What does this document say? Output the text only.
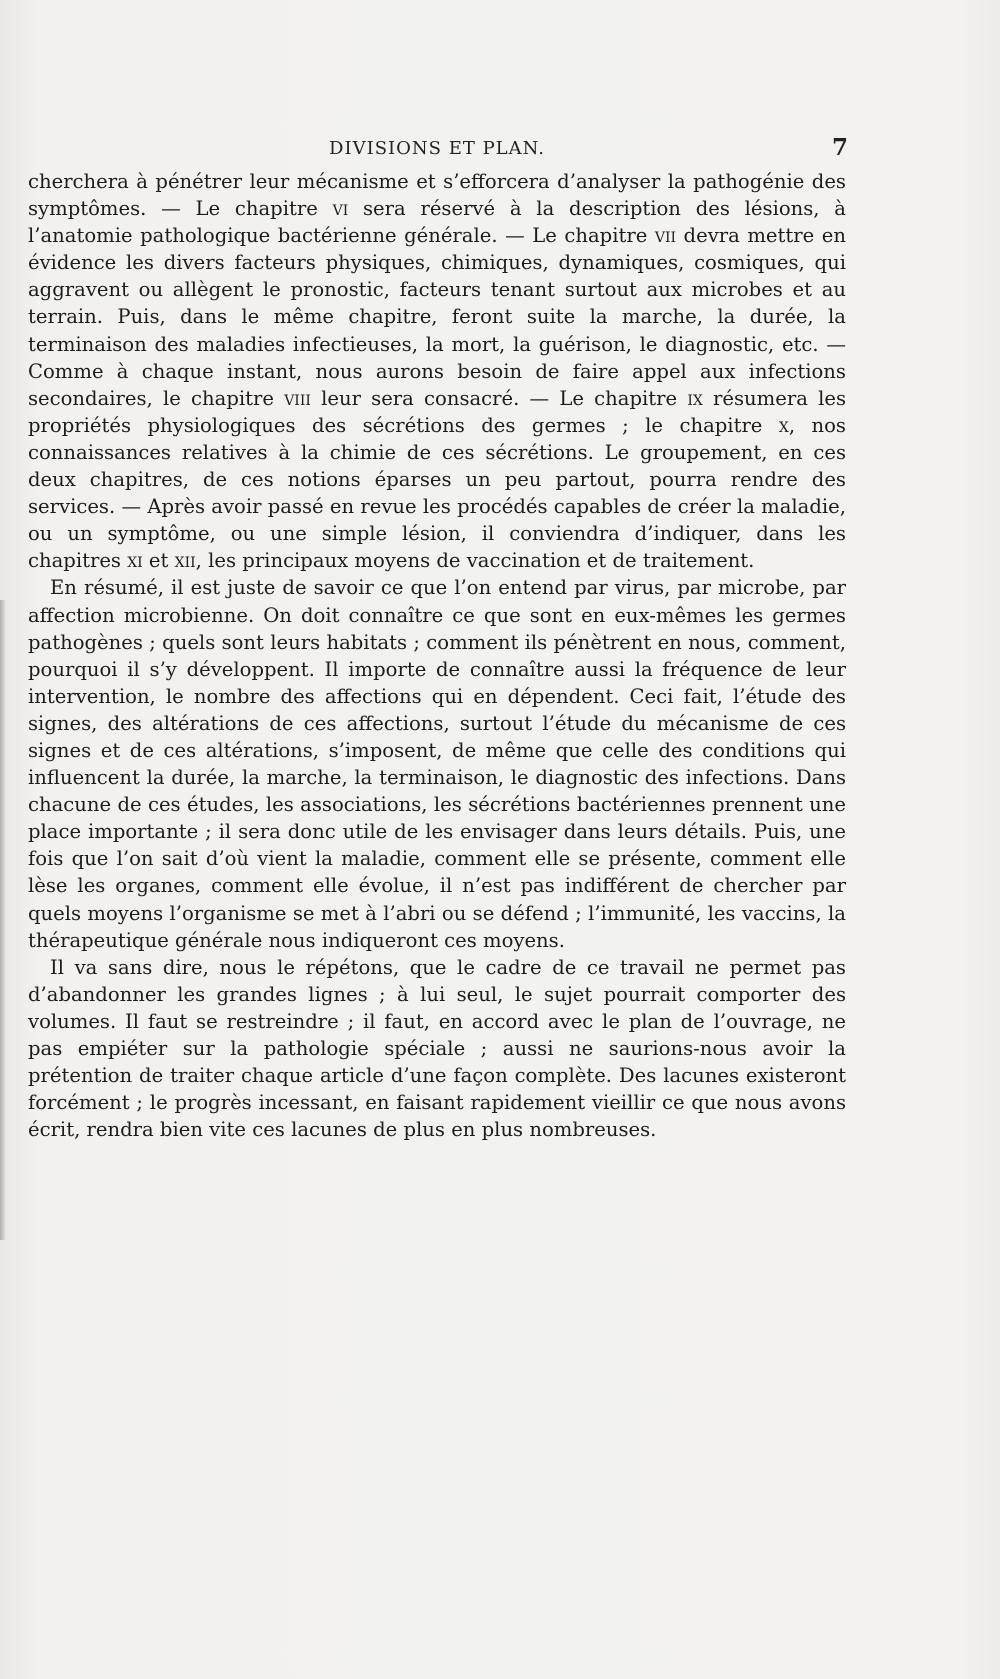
DIVISIONS ET PLAN.	7

cherchera à pénétrer leur mécanisme et s’efforcera d’analyser la pathogénie des symptômes. — Le chapitre vi sera réservé à la description des lésions, à l’anatomie pathologique bactérienne générale. — Le chapitre vii devra mettre en évidence les divers facteurs physiques, chimiques, dynamiques, cosmiques, qui aggravent ou allègent le pronostic, facteurs tenant surtout aux microbes et au terrain. Puis, dans le même chapitre, feront suite la marche, la durée, la terminaison des maladies infectieuses, la mort, la guérison, le diagnostic, etc. — Comme à chaque instant, nous aurons besoin de faire appel aux infections secondaires, le chapitre viii leur sera consacré. — Le chapitre ix résumera les propriétés physiologiques des sécrétions des germes ; le chapitre x, nos connaissances relatives à la chimie de ces sécrétions. Le groupement, en ces deux chapitres, de ces notions éparses un peu partout, pourra rendre des services. — Après avoir passé en revue les procédés capables de créer la maladie, ou un symptôme, ou une simple lésion, il conviendra d’indiquer, dans les chapitres xi et xii, les principaux moyens de vaccination et de traitement.

En résumé, il est juste de savoir ce que l’on entend par virus, par microbe, par affection microbienne. On doit connaître ce que sont en eux-mêmes les germes pathogènes ; quels sont leurs habitats ; comment ils pénètrent en nous, comment, pourquoi il s’y développent. Il importe de connaître aussi la fréquence de leur intervention, le nombre des affections qui en dépendent. Ceci fait, l’étude des signes, des altérations de ces affections, surtout l’étude du mécanisme de ces signes et de ces altérations, s’imposent, de même que celle des conditions qui influencent la durée, la marche, la terminaison, le diagnostic des infections. Dans chacune de ces études, les associations, les sécrétions bactériennes prennent une place importante ; il sera donc utile de les envisager dans leurs détails. Puis, une fois que l’on sait d’où vient la maladie, comment elle se présente, comment elle lèse les organes, comment elle évolue, il n’est pas indifférent de chercher par quels moyens l’organisme se met à l’abri ou se défend ; l’immunité, les vaccins, la thérapeutique générale nous indiqueront ces moyens.

Il va sans dire, nous le répétons, que le cadre de ce travail ne permet pas d’abandonner les grandes lignes ; à lui seul, le sujet pourrait comporter des volumes. Il faut se restreindre ; il faut, en accord avec le plan de l’ouvrage, ne pas empiéter sur la pathologie spéciale ; aussi ne saurions-nous avoir la prétention de traiter chaque article d’une façon complète. Des lacunes existeront forcément ; le progrès incessant, en faisant rapidement vieillir ce que nous avons écrit, rendra bien vite ces lacunes de plus en plus nombreuses.
